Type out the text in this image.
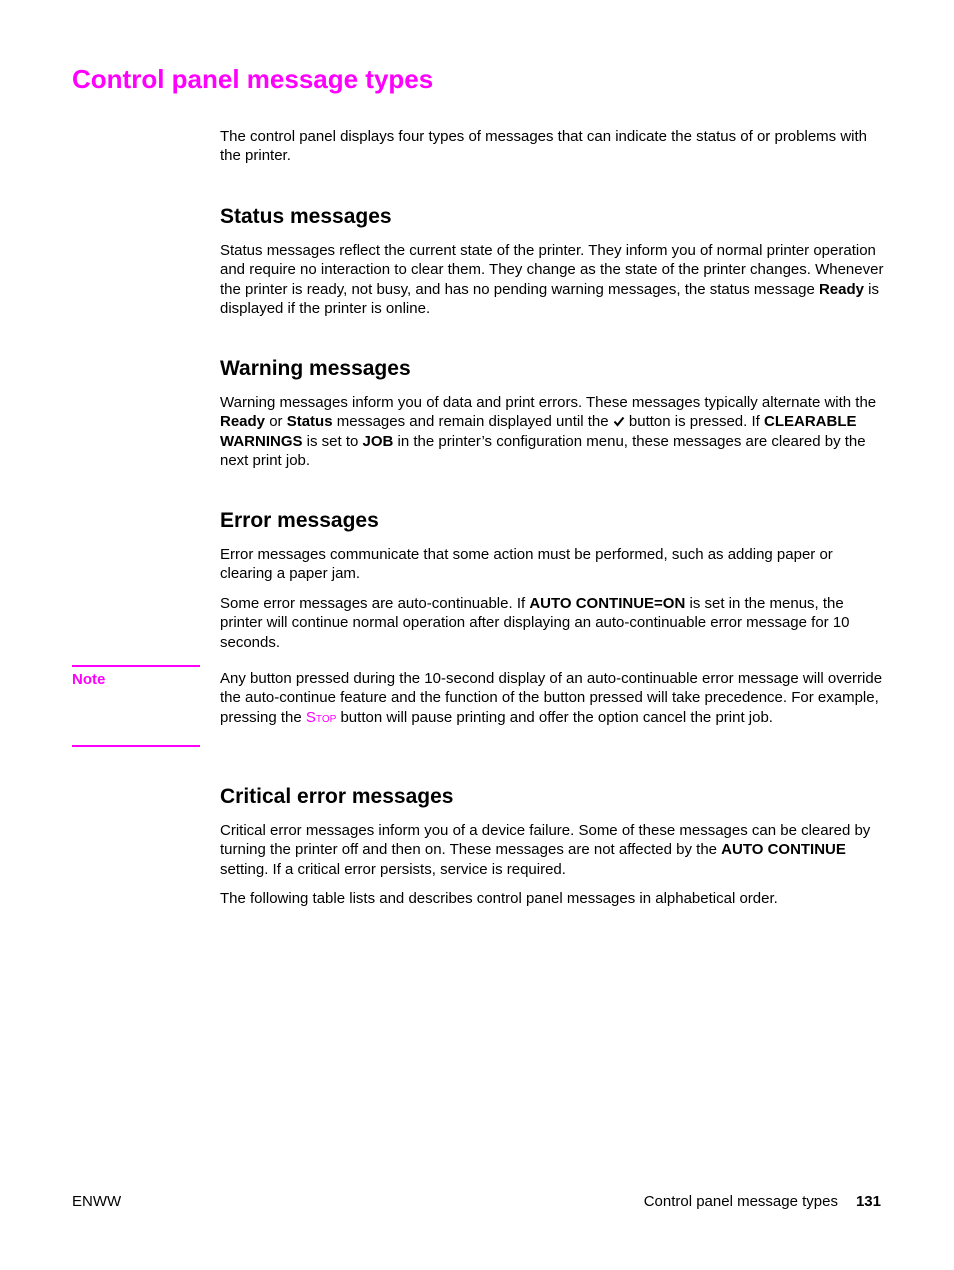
Control panel message types

The control panel displays four types of messages that can indicate the status of or problems with the printer.

Status messages

Status messages reflect the current state of the printer. They inform you of normal printer operation and require no interaction to clear them. They change as the state of the printer changes. Whenever the printer is ready, not busy, and has no pending warning messages, the status message Ready is displayed if the printer is online.

Warning messages

Warning messages inform you of data and print errors. These messages typically alternate with the Ready or Status messages and remain displayed until the  button is pressed. If CLEARABLE WARNINGS is set to JOB in the printer’s configuration menu, these messages are cleared by the next print job.

Error messages

Error messages communicate that some action must be performed, such as adding paper or clearing a paper jam.

Some error messages are auto-continuable. If AUTO CONTINUE=ON is set in the menus, the printer will continue normal operation after displaying an auto-continuable error message for 10 seconds.

Note	Any button pressed during the 10-second display of an auto-continuable error message will override the auto-continue feature and the function of the button pressed will take precedence. For example, pressing the STOP button will pause printing and offer the option cancel the print job.

Critical error messages

Critical error messages inform you of a device failure. Some of these messages can be cleared by turning the printer off and then on. These messages are not affected by the AUTO CONTINUE setting. If a critical error persists, service is required.

The following table lists and describes control panel messages in alphabetical order.

ENWW	Control panel message types 131
